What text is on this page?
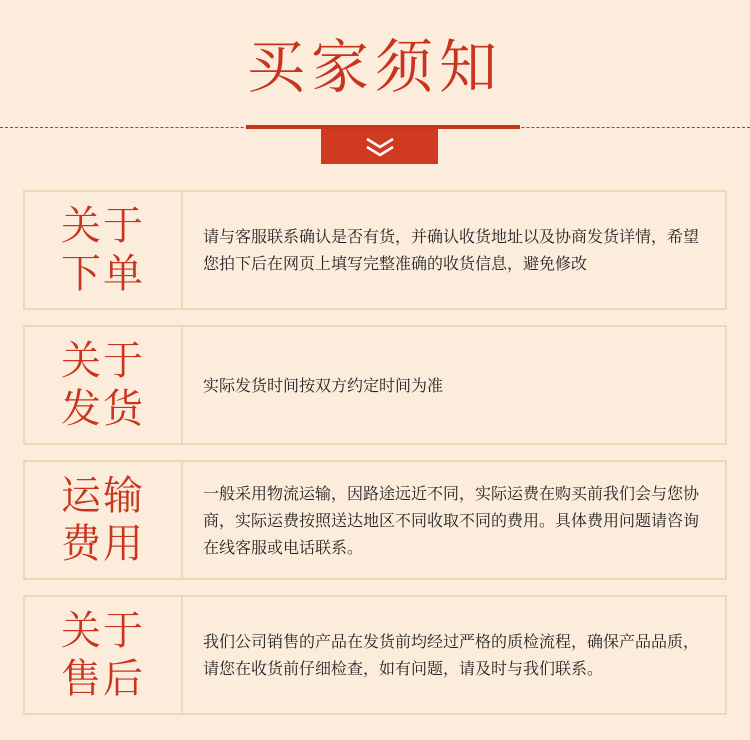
买家须知
关于
下单
请与客服联系确认是否有货，并确认收货地址以及协商发货详情，希望您拍下后在网页上填写完整准确的收货信息，避免修改
关于
发货
实际发货时间按双方约定时间为准
运输
费用
一般采用物流运输，因路途远近不同，实际运费在购买前我们会与您协商，实际运费按照送达地区不同收取不同的费用。具体费用问题请咨询在线客服或电话联系。
关于
售后
我们公司销售的产品在发货前均经过严格的质检流程，确保产品品质，请您在收货前仔细检查，如有问题，请及时与我们联系。
